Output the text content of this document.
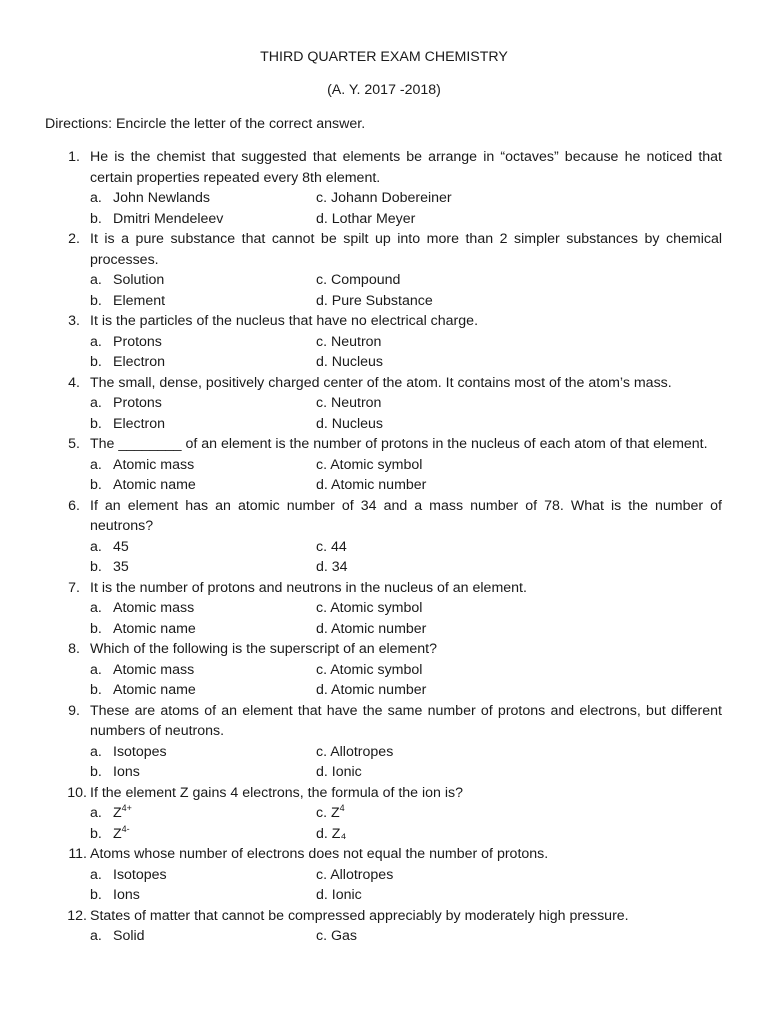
THIRD QUARTER EXAM CHEMISTRY
(A. Y. 2017 -2018)
Directions: Encircle the letter of the correct answer.
1. He is the chemist that suggested that elements be arrange in “octaves” because he noticed that certain properties repeated every 8th element.
a. John Newlands	c. Johann Dobereiner
b. Dmitri Mendeleev	d. Lothar Meyer
2. It is a pure substance that cannot be spilt up into more than 2 simpler substances by chemical processes.
a. Solution	c. Compound
b. Element	d. Pure Substance
3. It is the particles of the nucleus that have no electrical charge.
a. Protons	c. Neutron
b. Electron	d. Nucleus
4. The small, dense, positively charged center of the atom. It contains most of the atom’s mass.
a. Protons	c. Neutron
b. Electron	d. Nucleus
5. The ________ of an element is the number of protons in the nucleus of each atom of that element.
a. Atomic mass	c. Atomic symbol
b. Atomic name	d. Atomic number
6. If an element has an atomic number of 34 and a mass number of 78. What is the number of neutrons?
a. 45	c. 44
b. 35	d. 34
7. It is the number of protons and neutrons in the nucleus of an element.
a. Atomic mass	c. Atomic symbol
b. Atomic name	d. Atomic number
8. Which of the following is the superscript of an element?
a. Atomic mass	c. Atomic symbol
b. Atomic name	d. Atomic number
9. These are atoms of an element that have the same number of protons and electrons, but different numbers of neutrons.
a. Isotopes	c. Allotropes
b. Ions	d. Ionic
10. If the element Z gains 4 electrons, the formula of the ion is?
a. $Z^{4+}$	c. $Z^4$
b. $Z^{4-}$	d. Z₄
11. Atoms whose number of electrons does not equal the number of protons.
a. Isotopes	c. Allotropes
b. Ions	d. Ionic
12. States of matter that cannot be compressed appreciably by moderately high pressure.
a. Solid	c. Gas
